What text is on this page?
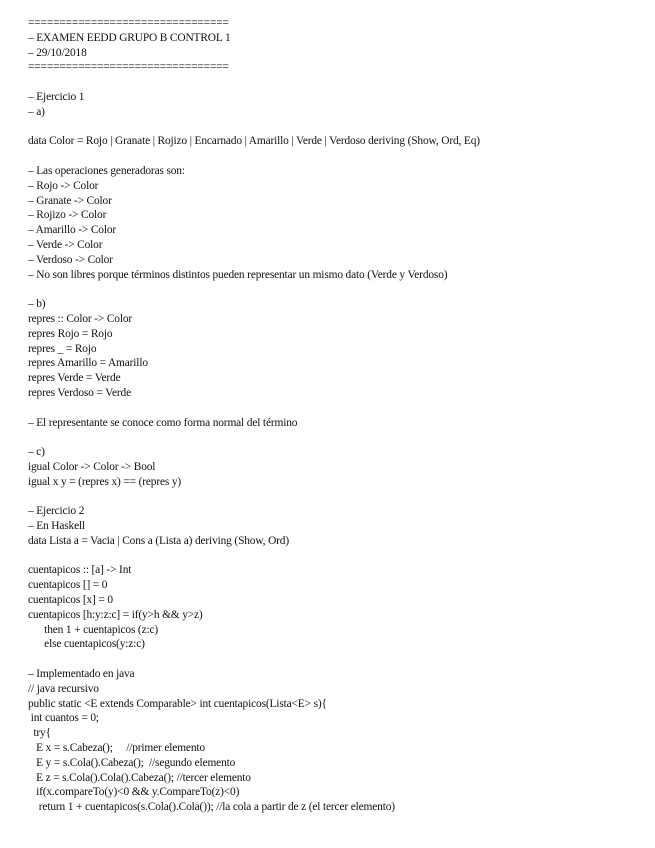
================================
– EXAMEN EEDD GRUPO B CONTROL 1
– 29/10/2018
================================
– Ejercicio 1
– a)
data Color = Rojo | Granate | Rojizo | Encarnado | Amarillo | Verde | Verdoso deriving (Show, Ord, Eq)
– Las operaciones generadoras son:
– Rojo -> Color
– Granate -> Color
– Rojizo -> Color
– Amarillo -> Color
– Verde -> Color
– Verdoso -> Color
– No son libres porque términos distintos pueden representar un mismo dato (Verde y Verdoso)
– b)
repres :: Color -> Color
repres Rojo = Rojo
repres _ = Rojo
repres Amarillo = Amarillo
repres Verde = Verde
repres Verdoso = Verde
– El representante se conoce como forma normal del término
– c)
igual Color -> Color -> Bool
igual x y = (repres x) == (repres y)
– Ejercicio 2
– En Haskell
data Lista a = Vacia | Cons a (Lista a) deriving (Show, Ord)
cuentapicos :: [a] -> Int
cuentapicos [] = 0
cuentapicos [x] = 0
cuentapicos [h:y:z:c] = if(y>h && y>z)
then 1 + cuentapicos (z:c)
else cuentapicos(y:z:c)
– Implementado en java
// java recursivo
public static <E extends Comparable> int cuentapicos(Lista<E> s){
int cuantos = 0;
try{
E x = s.Cabeza();     //primer elemento
E y = s.Cola().Cabeza();  //segundo elemento
E z = s.Cola().Cola().Cabeza(); //tercer elemento
if(x.compareTo(y)<0 && y.CompareTo(z)<0)
return 1 + cuentapicos(s.Cola().Cola()); //la cola a partir de z (el tercer elemento)
